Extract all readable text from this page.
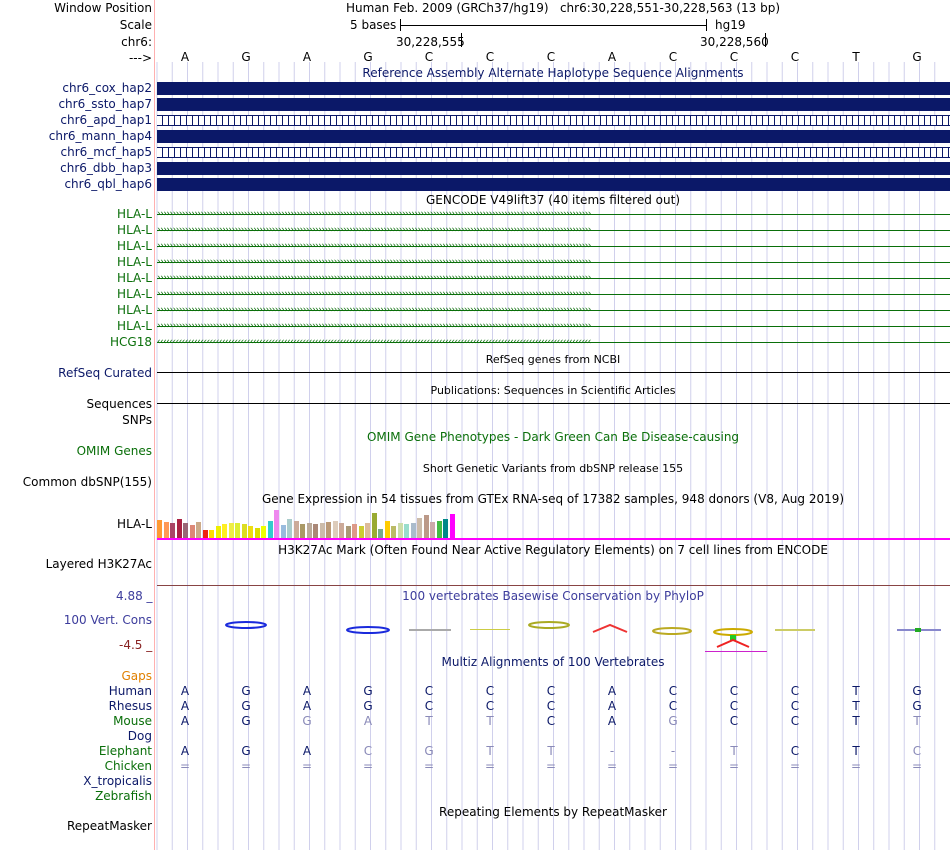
Window Position	Human Feb. 2009 (GRCh37/hg19)   chr6:30,228,551-30,228,563 (13 bp)
Scale	5 bases	hg19
chr6:	30,228,555	30,228,560
--->
Reference Assembly Alternate Haplotype Sequence Alignments
GENCODE V49lift37 (40 items filtered out)
RefSeq genes from NCBI
RefSeq Curated
Publications: Sequences in Scientific Articles
Sequences
SNPs
OMIM Gene Phenotypes - Dark Green Can Be Disease-causing
OMIM Genes
Short Genetic Variants from dbSNP release 155
Common dbSNP(155)
Gene Expression in 54 tissues from GTEx RNA-seq of 17382 samples, 948 donors (V8, Aug 2019)
HLA-L
H3K27Ac Mark (Often Found Near Active Regulatory Elements) on 7 cell lines from ENCODE
Layered H3K27Ac
100 vertebrates Basewise Conservation by PhyloP
4.88 _
100 Vert. Cons
-4.5 _
Multiz Alignments of 100 Vertebrates
Gaps
Repeating Elements by RepeatMasker
RepeatMasker
A	G	A	G	C	C	C	A	C	C	C	T	G
chr6_cox_hap2
chr6_ssto_hap7
chr6_apd_hap1
chr6_mann_hap4
chr6_mcf_hap5
chr6_dbb_hap3
chr6_qbl_hap6
HLA-L ››››››››››››››››››››››››››››››››››››››››››››››››››››››››››››››››››››››››››››››››››››››››››››››››››››››››››››››››››››››››››››››››››››››››››››
HLA-L ››››››››››››››››››››››››››››››››››››››››››››››››››››››››››››››››››››››››››››››››››››››››››››››››››››››››››››››››››››››››››››››››››››››››››››
HLA-L ››››››››››››››››››››››››››››››››››››››››››››››››››››››››››››››››››››››››››››››››››››››››››››››››››››››››››››››››››››››››››››››››››››››››››››
HLA-L ››››››››››››››››››››››››››››››››››››››››››››››››››››››››››››››››››››››››››››››››››››››››››››››››››››››››››››››››››››››››››››››››››››››››››››
HLA-L ››››››››››››››››››››››››››››››››››››››››››››››››››››››››››››››››››››››››››››››››››››››››››››››››››››››››››››››››››››››››››››››››››››››››››››
HLA-L ››››››››››››››››››››››››››››››››››››››››››››››››››››››››››››››››››››››››››››››››››››››››››››››››››››››››››››››››››››››››››››››››››››››››››››
HLA-L ››››››››››››››››››››››››››››››››››››››››››››››››››››››››››››››››››››››››››››››››››››››››››››››››››››››››››››››››››››››››››››››››››››››››››››
HLA-L ››››››››››››››››››››››››››››››››››››››››››››››››››››››››››››››››››››››››››››››››››››››››››››››››››››››››››››››››››››››››››››››››››››››››››››
HCG18 ‹‹‹‹‹‹‹‹‹‹‹‹‹‹‹‹‹‹‹‹‹‹‹‹‹‹‹‹‹‹‹‹‹‹‹‹‹‹‹‹‹‹‹‹‹‹‹‹‹‹‹‹‹‹‹‹‹‹‹‹‹‹‹‹‹‹‹‹‹‹‹‹‹‹‹‹‹‹‹‹‹‹‹‹‹‹‹‹‹‹‹‹‹‹‹‹‹‹‹‹‹‹‹‹‹‹‹‹‹‹‹‹‹‹‹‹‹‹‹‹‹‹‹‹‹‹‹‹‹‹‹‹‹‹‹‹‹‹‹‹
Human	A	G	A	G	C	C	C	A	C	C	C	T	G
Rhesus	A	G	A	G	C	C	C	A	C	C	C	T	G
Mouse	A	G	G	A	T	T	C	A	G	C	C	T	T
Dog
Elephant	A	G	A	C	G	T	T	-	-	T	C	T	C
Chicken	=	=	=	=	=	=	=	=	=	=	=	=	=
X_tropicalis
Zebrafish
